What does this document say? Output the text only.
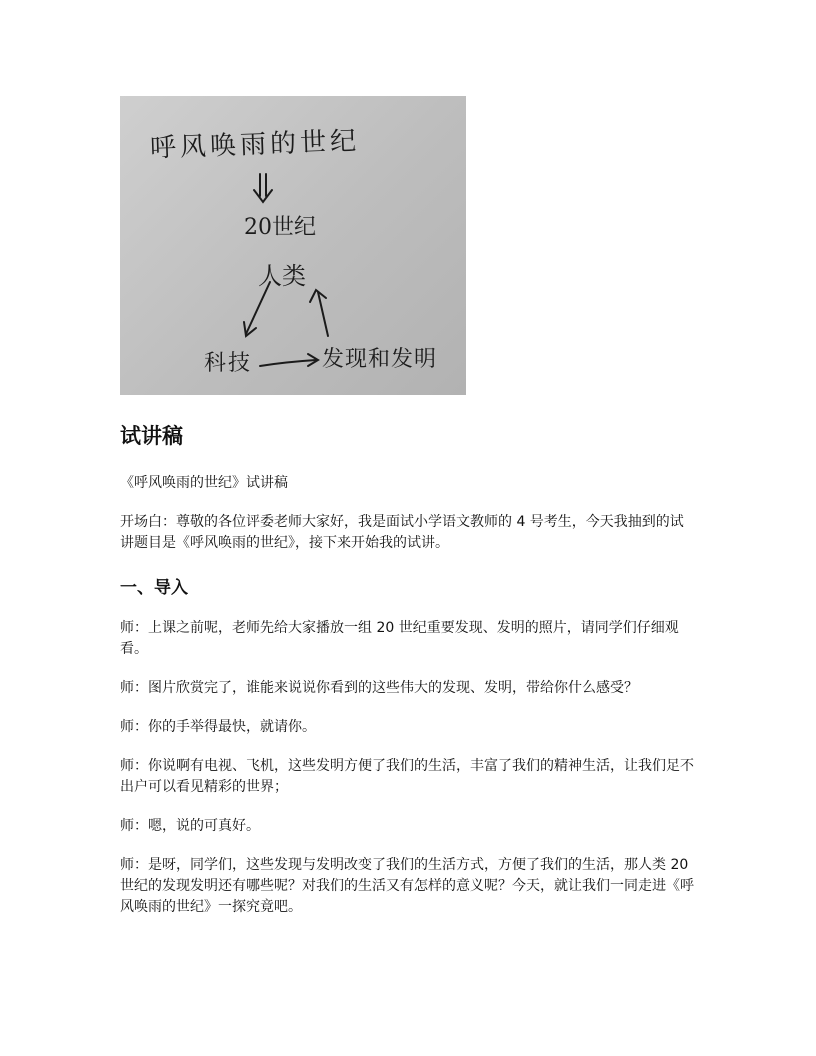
呼风唤雨的世纪
20世纪
人类
科技	发现和发明
试讲稿

《呼风唤雨的世纪》试讲稿

开场白：尊敬的各位评委老师大家好，我是面试小学语文教师的 4 号考生，今天我抽到的试讲题目是《呼风唤雨的世纪》，接下来开始我的试讲。

一、导入

师：上课之前呢，老师先给大家播放一组 20 世纪重要发现、发明的照片，请同学们仔细观看。

师：图片欣赏完了，谁能来说说你看到的这些伟大的发现、发明，带给你什么感受？

师：你的手举得最快，就请你。

师：你说啊有电视、飞机，这些发明方便了我们的生活，丰富了我们的精神生活，让我们足不出户可以看见精彩的世界；

师：嗯，说的可真好。

师：是呀，同学们，这些发现与发明改变了我们的生活方式，方便了我们的生活，那人类 20 世纪的发现发明还有哪些呢？对我们的生活又有怎样的意义呢？今天，就让我们一同走进《呼风唤雨的世纪》一探究竟吧。
